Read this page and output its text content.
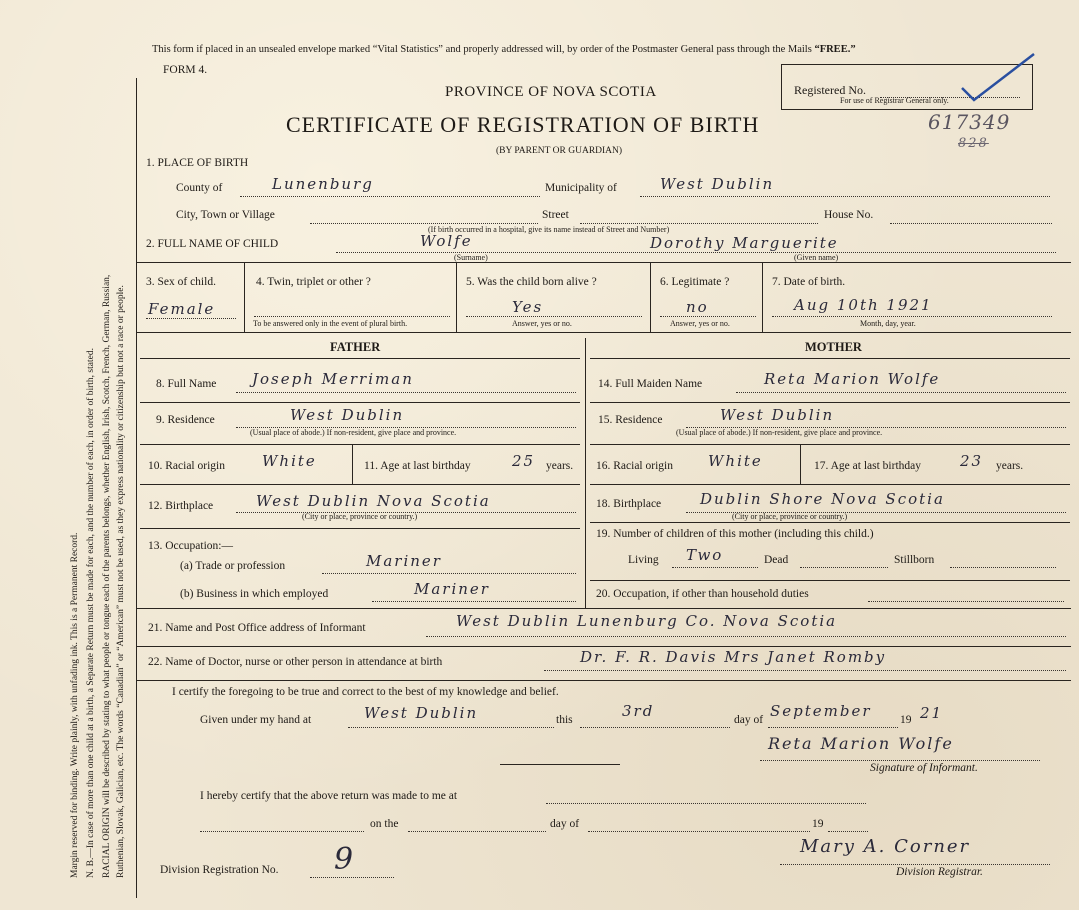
Margin reserved for binding. Write plainly, with unfading ink. This is a Permanent Record. N. B.—In case of more than one child at a birth, a Separate Return must be made for each, and the number of each, in order of birth, stated. RACIAL ORIGIN will be described by stating to what people or tongue each of the parents belongs, whether English, Irish, Scotch, French, German, Russian, Ruthenian, Slovak, Galician, etc. The words “Canadian” or “American” must not be used, as they express nationality or citizenship but not a race or people.
This form if placed in an unsealed envelope marked “Vital Statistics” and properly addressed will, by order of the Postmaster General pass through the Mails “FREE.”
FORM 4.
Registered No.
For use of Registrar General only.
PROVINCE OF NOVA SCOTIA
CERTIFICATE OF REGISTRATION OF BIRTH
(BY PARENT OR GUARDIAN)
617349
828
1. PLACE OF BIRTH
County of	Lunenburg	Municipality of	West Dublin
City, Town or Village	Street	House No.
(If birth occurred in a hospital, give its name instead of Street and Number)
2. FULL NAME OF CHILD	Wolfe
(Surname)
Dorothy Marguerite
(Given name)
3. Sex of child.
Female
4. Twin, triplet or other ?
To be answered only in the event of plural birth.
5. Was the child born alive ?
Yes
Answer, yes or no.
6. Legitimate ?
no
Answer, yes or no.
7. Date of birth.
Aug 10th 1921
Month, day, year.
FATHER	MOTHER
8. Full Name Joseph Merriman
9. Residence	West Dublin
(Usual place of abode.) If non-resident, give place and province.
10. Racial origin White	11. Age at last birthday	25 years.
12. Birthplace	West Dublin Nova Scotia
(City or place, province or country.)
13. Occupation:—
(a) Trade or profession	Mariner
(b) Business in which employed	Mariner
14. Full Maiden Name	Reta Marion Wolfe
15. Residence	West Dublin
(Usual place of abode.) If non-resident, give place and province.
16. Racial origin White	17. Age at last birthday	23 years.
18. Birthplace	Dublin Shore Nova Scotia
(City or place, province or country.)
19. Number of children of this mother (including this child.)
Living Two	Dead	Stillborn
20. Occupation, if other than household duties
21. Name and Post Office address of Informant	West Dublin Lunenburg Co. Nova Scotia
22. Name of Doctor, nurse or other person in attendance at birth	Dr. F. R. Davis Mrs Janet Romby
I certify the foregoing to be true and correct to the best of my knowledge and belief.
Given under my hand at	West Dublin	this	3rd	day of September 19 21
Reta Marion Wolfe
Signature of Informant.
I hereby certify that the above return was made to me at
on the	day of	19
Division Registration No. 9	Mary A. Corner
Division Registrar.
